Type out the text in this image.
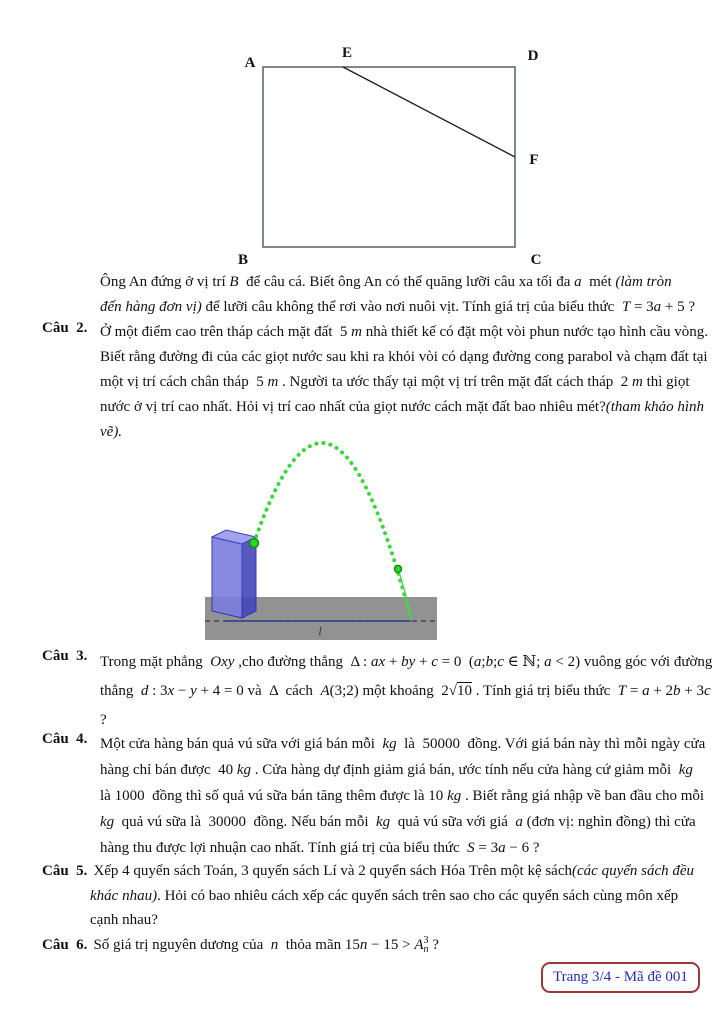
A
E	D
F
B	C
Ông An đứng ở vị trí B  để câu cá. Biết ông An có thể quăng lưỡi câu xa tối đa a  mét (làm tròn
đến hàng đơn vị) để lưỡi câu không thể rơi vào nơi nuôi vịt. Tính giá trị của biểu thức  T = 3a + 5 ?
Câu  2. Ở một điểm cao trên tháp cách mặt đất  5 m nhà thiết kế có đặt một vòi phun nước tạo hình cầu vòng.
Biết rằng đường đi của các giọt nước sau khi ra khỏi vòi có dạng đường cong parabol và chạm đất tại
một vị trí cách chân tháp  5 m . Người ta ước thấy tại một vị trí trên mặt đất cách tháp  2 m thì giọt
nước ở vị trí cao nhất. Hỏi vị trí cao nhất của giọt nước cách mặt đất bao nhiêu mét?(tham khảo hình
vẽ).
l
Câu  3. Trong mặt phẳng  Oxy ,cho đường thẳng  Δ : ax + by + c = 0  (a;b;c ∈ ℕ; a < 2) vuông góc với đường
thẳng  d : 3x − y + 4 = 0 và  Δ  cách  A(3;2) một khoảng  2√10 . Tính giá trị biểu thức  T = a + 2b + 3c
?
Câu  4. Một cửa hàng bán quả vú sữa với giá bán mỗi  kg  là  50000  đồng. Với giá bán này thì mỗi ngày cửa
hàng chỉ bán được  40 kg . Cửa hàng dự định giảm giá bán, ước tính nếu cửa hàng cứ giảm mỗi  kg
là 1000  đồng thì số quả vú sữa bán tăng thêm được là 10 kg . Biết rằng giá nhập về ban đầu cho mỗi
kg  quả vú sữa là  30000  đồng. Nếu bán mỗi  kg  quả vú sữa với giá  a (đơn vị: nghìn đồng) thì cửa
hàng thu được lợi nhuận cao nhất. Tính giá trị của biểu thức  S = 3a − 6 ?
Câu  5. Xếp 4 quyển sách Toán, 3 quyển sách Lí và 2 quyển sách Hóa Trên một kệ sách(các quyển sách đều
khác nhau). Hỏi có bao nhiêu cách xếp các quyển sách trên sao cho các quyển sách cùng môn xếp
cạnh nhau?
Câu  6. Số giá trị nguyên dương của  n  thỏa mãn $15n - 15 > A^3_n$ ?
Trang 3/4 - Mã đề 001
